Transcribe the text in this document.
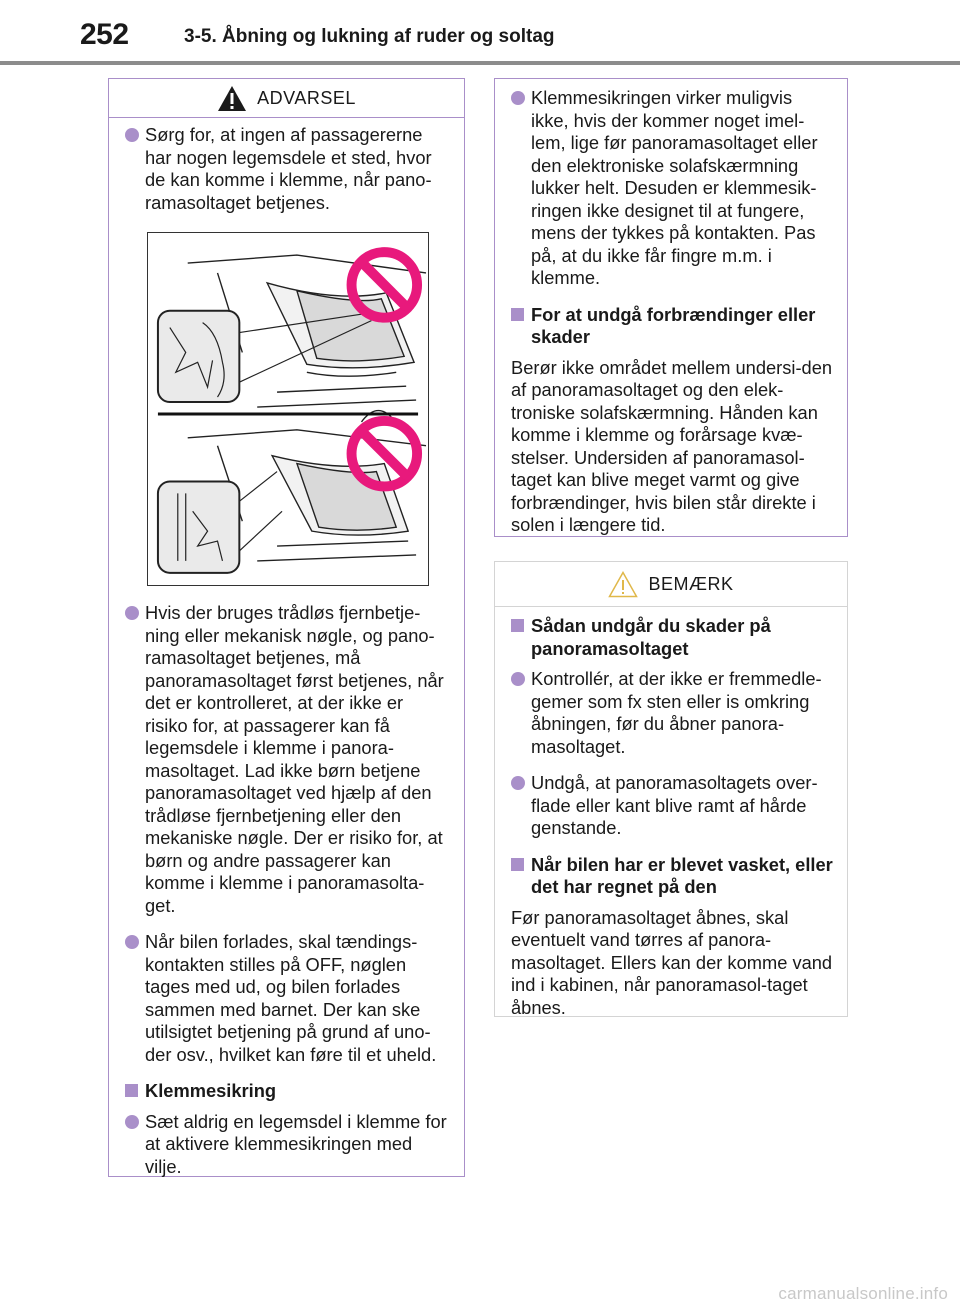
252	3-5. Åbning og lukning af ruder og soltag
ADVARSEL
Sørg for, at ingen af passagererne har nogen legemsdele et sted, hvor de kan komme i klemme, når pano-ramasoltaget betjenes.
Hvis der bruges trådløs fjernbetje-ning eller mekanisk nøgle, og pano-ramasoltaget betjenes, må panoramasoltaget først betjenes, når det er kontrolleret, at der ikke er risiko for, at passagerer kan få legemsdele i klemme i panora-masoltaget. Lad ikke børn betjene panoramasoltaget ved hjælp af den trådløse fjernbetjening eller den mekaniske nøgle. Der er risiko for, at børn og andre passagerer kan komme i klemme i panoramasolta-get.
Når bilen forlades, skal tændings-kontakten stilles på OFF, nøglen tages med ud, og bilen forlades sammen med barnet. Der kan ske utilsigtet betjening på grund af uno-der osv., hvilket kan føre til et uheld.
Klemmesikring
Sæt aldrig en legemsdel i klemme for at aktivere klemmesikringen med vilje.
Klemmesikringen virker muligvis ikke, hvis der kommer noget imel-lem, lige før panoramasoltaget eller den elektroniske solafskærmning lukker helt. Desuden er klemmesik-ringen ikke designet til at fungere, mens der tykkes på kontakten. Pas på, at du ikke får fingre m.m. i klemme.
For at undgå forbrændinger eller skader
Berør ikke området mellem undersi-den af panoramasoltaget og den elek-troniske solafskærmning. Hånden kan komme i klemme og forårsage kvæ-stelser. Undersiden af panoramasol-taget kan blive meget varmt og give forbrændinger, hvis bilen står direkte i solen i længere tid.
BEMÆRK
Sådan undgår du skader på panoramasoltaget
Kontrollér, at der ikke er fremmedle-gemer som fx sten eller is omkring åbningen, før du åbner panora-masoltaget.
Undgå, at panoramasoltagets over-flade eller kant blive ramt af hårde genstande.
Når bilen har er blevet vasket, eller det har regnet på den
Før panoramasoltaget åbnes, skal eventuelt vand tørres af panora-masoltaget. Ellers kan der komme vand ind i kabinen, når panoramasol-taget åbnes.
carmanualsonline.info
